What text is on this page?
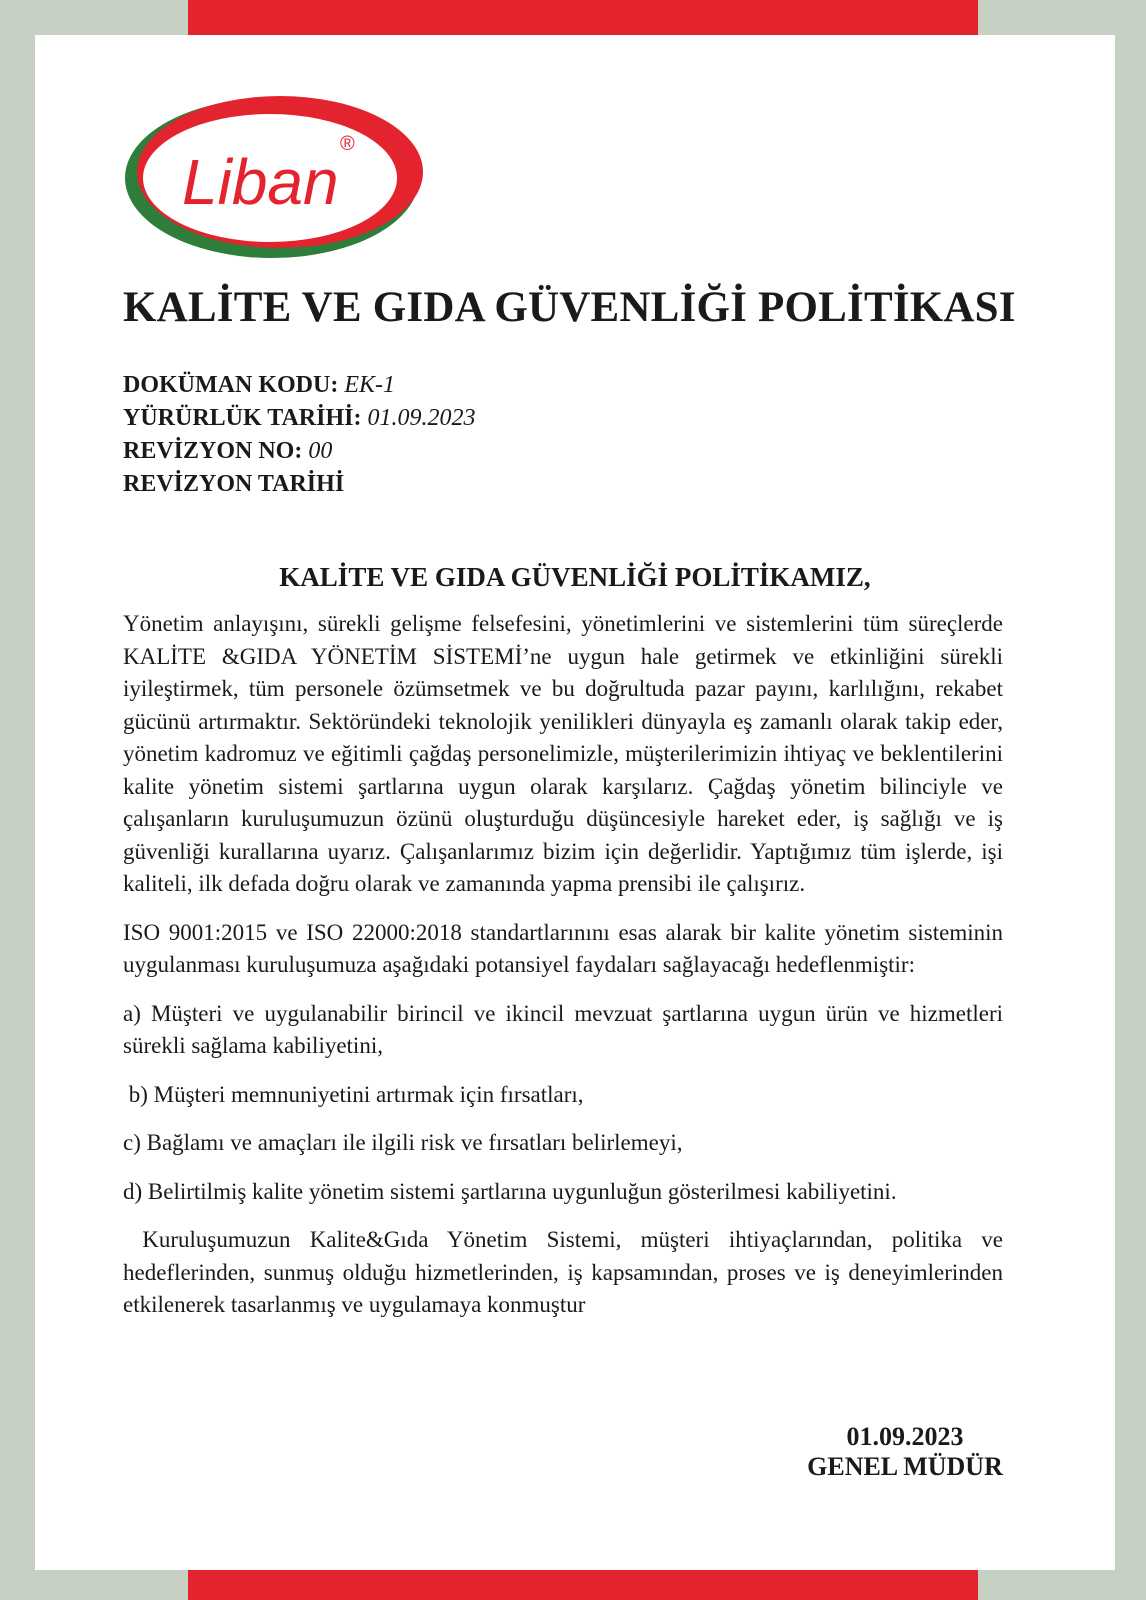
Liban
®
KALİTE VE GIDA GÜVENLİĞİ POLİTİKASI
DOKÜMAN KODU: EK-1
YÜRÜRLÜK TARİHİ: 01.09.2023
REVİZYON NO: 00
REVİZYON TARİHİ
KALİTE VE GIDA GÜVENLİĞİ POLİTİKAMIZ,

Yönetim anlayışını, sürekli gelişme felsefesini, yönetimlerini ve sistemlerini tüm süreçlerde KALİTE &GIDA YÖNETİM SİSTEMİ’ne uygun hale getirmek ve etkinliğini sürekli iyileştirmek, tüm personele özümsetmek ve bu doğrultuda pazar payını, karlılığını, rekabet gücünü artırmaktır. Sektöründeki teknolojik yenilikleri dünyayla eş zamanlı olarak takip eder, yönetim kadromuz ve eğitimli çağdaş personelimizle, müşterilerimizin ihtiyaç ve beklentilerini kalite yönetim sistemi şartlarına uygun olarak karşılarız. Çağdaş yönetim bilinciyle ve çalışanların kuruluşumuzun özünü oluşturduğu düşüncesiyle hareket eder, iş sağlığı ve iş güvenliği kurallarına uyarız. Çalışanlarımız bizim için değerlidir. Yaptığımız tüm işlerde, işi kaliteli, ilk defada doğru olarak ve zamanında yapma prensibi ile çalışırız.

ISO 9001:2015 ve ISO 22000:2018 standartlarınını esas alarak bir kalite yönetim sisteminin uygulanması kuruluşumuza aşağıdaki potansiyel faydaları sağlayacağı hedeflenmiştir:

a) Müşteri ve uygulanabilir birincil ve ikincil mevzuat şartlarına uygun ürün ve hizmetleri sürekli sağlama kabiliyetini,

b) Müşteri memnuniyetini artırmak için fırsatları,

c) Bağlamı ve amaçları ile ilgili risk ve fırsatları belirlemeyi,

d) Belirtilmiş kalite yönetim sistemi şartlarına uygunluğun gösterilmesi kabiliyetini.

Kuruluşumuzun Kalite&Gıda Yönetim Sistemi, müşteri ihtiyaçlarından, politika ve hedeflerinden, sunmuş olduğu hizmetlerinden, iş kapsamından, proses ve iş deneyimlerinden etkilenerek tasarlanmış ve uygulamaya konmuştur

01.09.2023
GENEL MÜDÜR
